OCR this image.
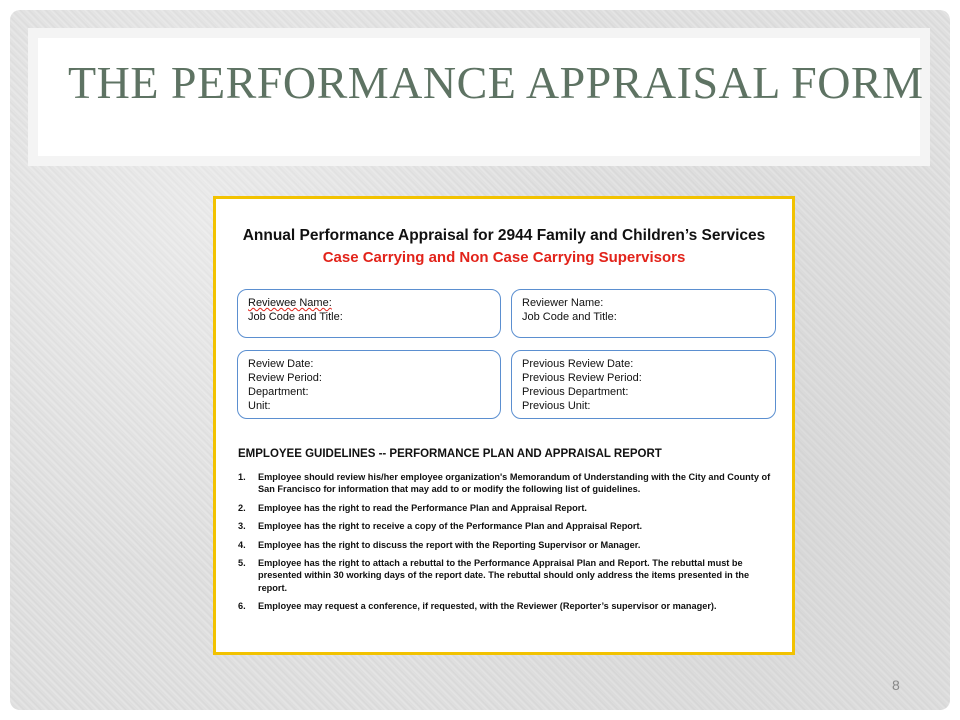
THE PERFORMANCE APPRAISAL FORM
Annual Performance Appraisal for 2944 Family and Children’s Services
Case Carrying and Non Case Carrying Supervisors
Reviewee Name:
Job Code and Title:
Reviewer Name:
Job Code and Title:
Review Date:
Review Period:
Department:
Unit:
Previous Review Date:
Previous Review Period:
Previous Department:
Previous Unit:
EMPLOYEE GUIDELINES -- PERFORMANCE PLAN AND APPRAISAL REPORT
1.	Employee should review his/her employee organization's Memorandum of Understanding with the City and County of San Francisco for information that may add to or modify the following list of guidelines.
2.	Employee has the right to read the Performance Plan and Appraisal Report.
3.	Employee has the right to receive a copy of the Performance Plan and Appraisal Report.
4.	Employee has the right to discuss the report with the Reporting Supervisor or Manager.
5.	Employee has the right to attach a rebuttal to the Performance Appraisal Plan and Report. The rebuttal must be presented within 30 working days of the report date. The rebuttal should only address the items presented in the report.
6.	Employee may request a conference, if requested, with the Reviewer (Reporter’s supervisor or manager).
8
